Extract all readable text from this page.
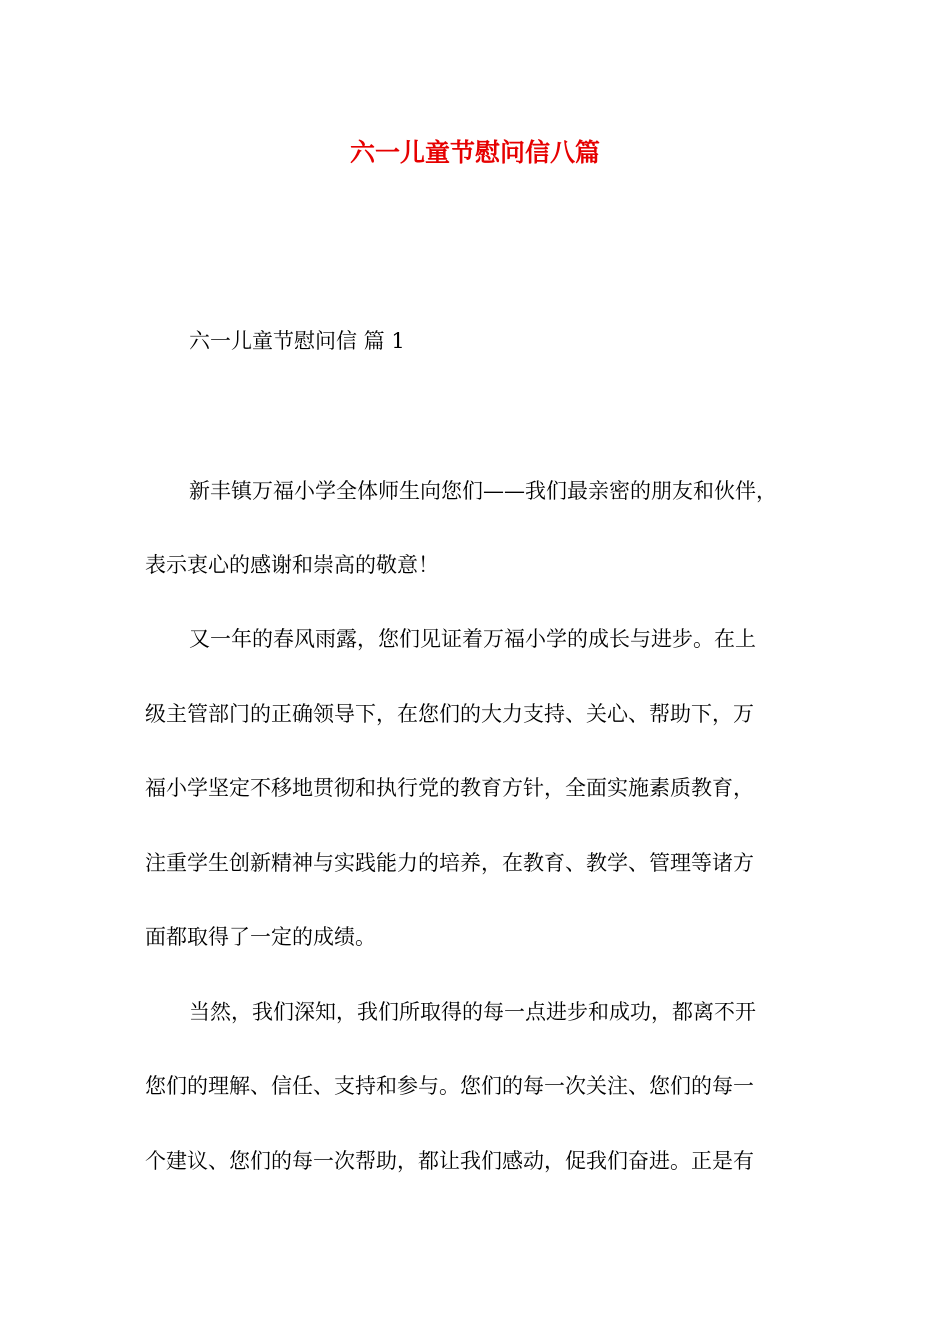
六一儿童节慰问信八篇

六一儿童节慰问信 篇 1

新丰镇万福小学全体师生向您们——我们最亲密的朋友和伙伴，

表示衷心的感谢和崇高的敬意！

又一年的春风雨露，您们见证着万福小学的成长与进步。在上

级主管部门的正确领导下，在您们的大力支持、关心、帮助下，万

福小学坚定不移地贯彻和执行党的教育方针，全面实施素质教育，

注重学生创新精神与实践能力的培养，在教育、教学、管理等诸方

面都取得了一定的成绩。

当然，我们深知，我们所取得的每一点进步和成功，都离不开

您们的理解、信任、支持和参与。您们的每一次关注、您们的每一

个建议、您们的每一次帮助，都让我们感动，促我们奋进。正是有
